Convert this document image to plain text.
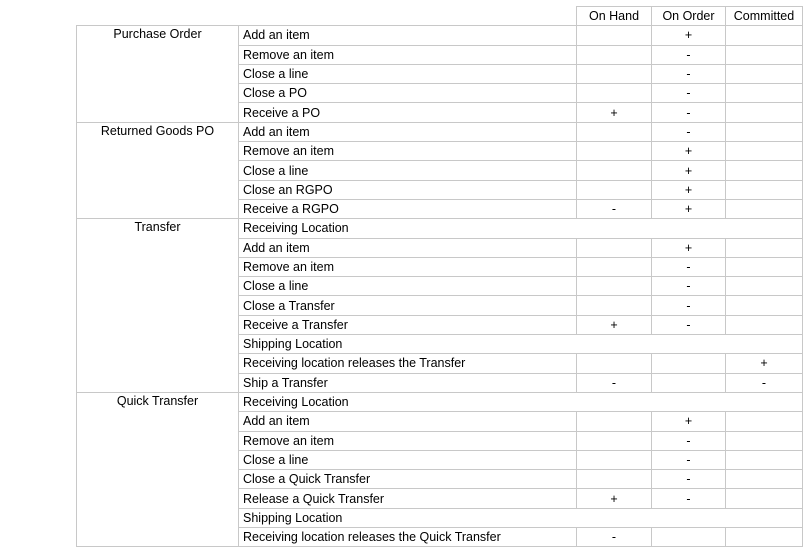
		On Hand	On Order	Committed
Purchase Order	Add an item		+	
	Remove an item		-	
	Close a line		-	
	Close a PO		-	
	Receive a PO	+	-	
Returned Goods PO	Add an item		-	
	Remove an item		+	
	Close a line		+	
	Close an RGPO		+	
	Receive a RGPO	-	+	
Transfer	Receiving Location			
	Add an item		+	
	Remove an item		-	
	Close a line		-	
	Close a Transfer		-	
	Receive a Transfer	+	-	
	Shipping Location			
	Receiving location releases the Transfer			+
	Ship a Transfer	-		-
Quick Transfer	Receiving Location			
	Add an item		+	
	Remove an item		-	
	Close a line		-	
	Close a Quick Transfer		-	
	Release a Quick Transfer	+	-	
	Shipping Location			
	Receiving location releases the Quick Transfer	-		
